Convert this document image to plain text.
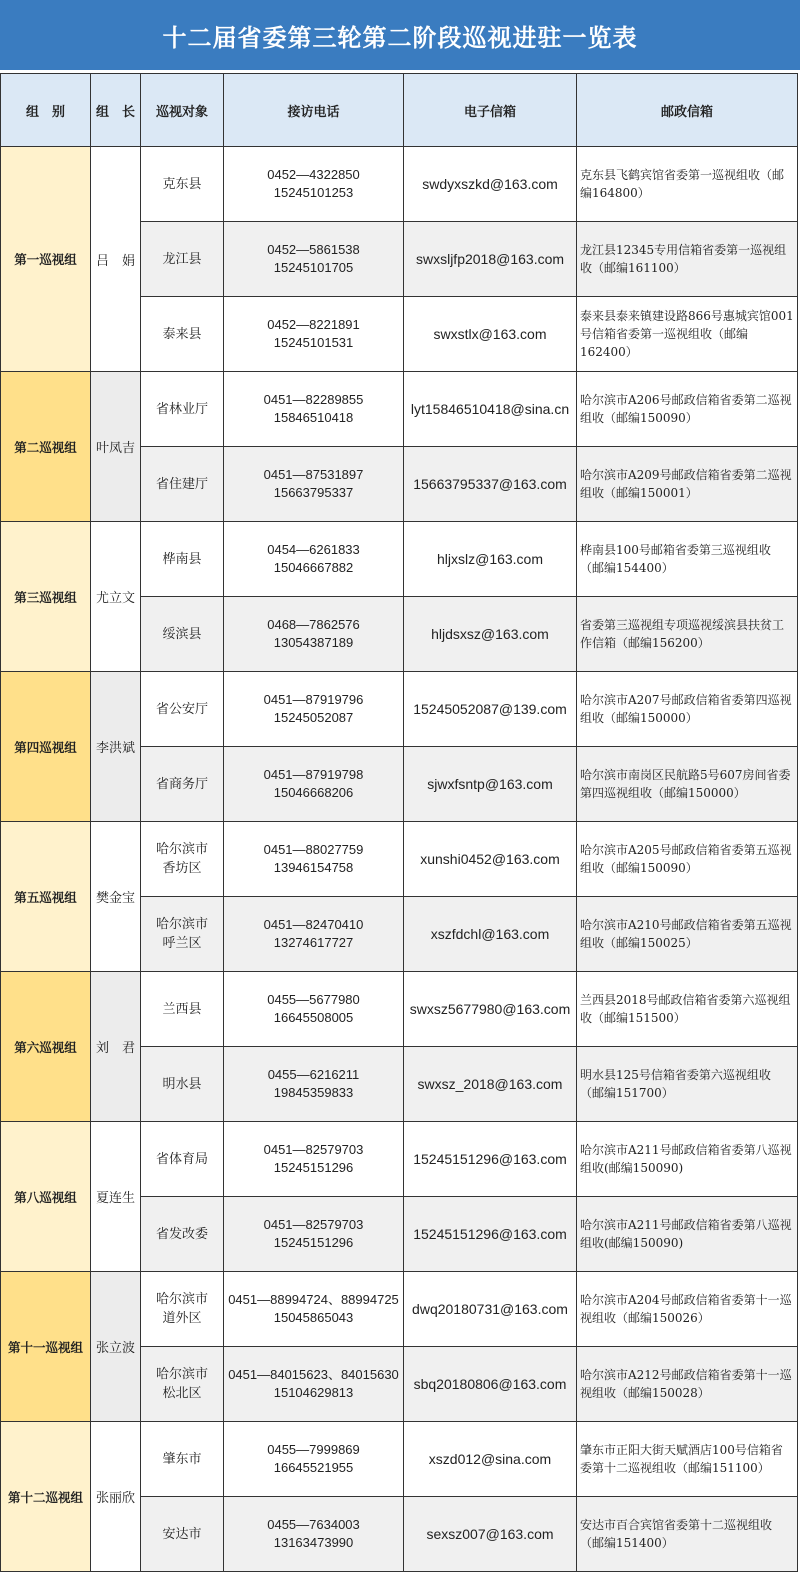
十二届省委第三轮第二阶段巡视进驻一览表
组　别	组　长	巡视对象	接访电话	电子信箱	邮政信箱
第一巡视组	吕　娟	克东县	0452—4322850
15245101253	swdyxszkd@163.com	克东县飞鹤宾馆省委第一巡视组收（邮编164800）
		龙江县	0452—5861538
15245101705	swxsljfp2018@163.com	龙江县12345专用信箱省委第一巡视组收（邮编161100）
		泰来县	0452—8221891
15245101531	swxstlx@163.com	泰来县泰来镇建设路866号惠城宾馆001号信箱省委第一巡视组收（邮编162400）
第二巡视组	叶凤吉	省林业厅	0451—82289855
15846510418	lyt15846510418@sina.cn	哈尔滨市A206号邮政信箱省委第二巡视组收（邮编150090）
		省住建厅	0451—87531897
15663795337	15663795337@163.com	哈尔滨市A209号邮政信箱省委第二巡视组收（邮编150001）
第三巡视组	尤立文	桦南县	0454—6261833
15046667882	hljxslz@163.com	桦南县100号邮箱省委第三巡视组收（邮编154400）
		绥滨县	0468—7862576
13054387189	hljdsxsz@163.com	省委第三巡视组专项巡视绥滨县扶贫工作信箱（邮编156200）
第四巡视组	李洪斌	省公安厅	0451—87919796
15245052087	15245052087@139.com	哈尔滨市A207号邮政信箱省委第四巡视组收（邮编150000）
		省商务厅	0451—87919798
15046668206	sjwxfsntp@163.com	哈尔滨市南岗区民航路5号607房间省委第四巡视组收（邮编150000）
第五巡视组	樊金宝	哈尔滨市
香坊区	0451—88027759
13946154758	xunshi0452@163.com	哈尔滨市A205号邮政信箱省委第五巡视组收（邮编150090）
		哈尔滨市
呼兰区	0451—82470410
13274617727	xszfdchl@163.com	哈尔滨市A210号邮政信箱省委第五巡视组收（邮编150025）
第六巡视组	刘　君	兰西县	0455—5677980
16645508005	swxsz5677980@163.com	兰西县2018号邮政信箱省委第六巡视组收（邮编151500）
		明水县	0455—6216211
19845359833	swxsz_2018@163.com	明水县125号信箱省委第六巡视组收（邮编151700）
第八巡视组	夏连生	省体育局	0451—82579703
15245151296	15245151296@163.com	哈尔滨市A211号邮政信箱省委第八巡视组收(邮编150090)
		省发改委	0451—82579703
15245151296	15245151296@163.com	哈尔滨市A211号邮政信箱省委第八巡视组收(邮编150090)
第十一巡视组	张立波	哈尔滨市
道外区	0451—88994724、88994725
15045865043	dwq20180731@163.com	哈尔滨市A204号邮政信箱省委第十一巡视组收（邮编150026）
		哈尔滨市
松北区	0451—84015623、84015630
15104629813	sbq20180806@163.com	哈尔滨市A212号邮政信箱省委第十一巡视组收（邮编150028）
第十二巡视组	张丽欣	肇东市	0455—7999869
16645521955	xszd012@sina.com	肇东市正阳大街天赋酒店100号信箱省委第十二巡视组收（邮编151100）
		安达市	0455—7634003
13163473990	sexsz007@163.com	安达市百合宾馆省委第十二巡视组收（邮编151400）
